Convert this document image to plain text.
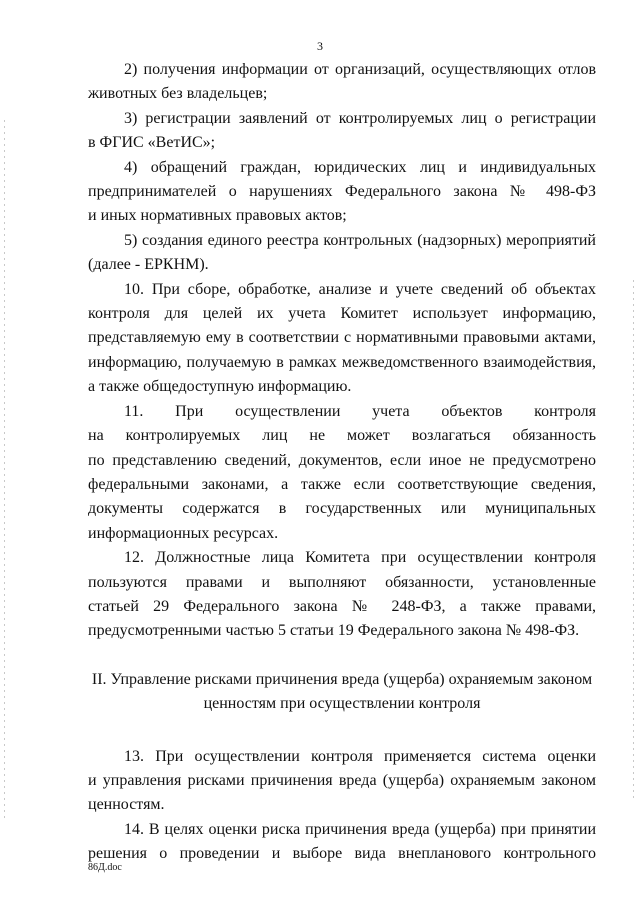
3
2) получения информации от организаций, осуществляющих отлов
животных без владельцев;
3) регистрации заявлений от контролируемых лиц о регистрации
в ФГИС «ВетИС»;
4) обращений граждан, юридических лиц и индивидуальных
предпринимателей о нарушениях Федерального закона № 498-ФЗ
и иных нормативных правовых актов;
5) создания единого реестра контрольных (надзорных) мероприятий
(далее - ЕРКНМ).
10. При сборе, обработке, анализе и учете сведений об объектах
контроля для целей их учета Комитет использует информацию,
представляемую ему в соответствии с нормативными правовыми актами,
информацию, получаемую в рамках межведомственного взаимодействия,
а также общедоступную информацию.
11. При осуществлении учета объектов контроля
на контролируемых лиц не может возлагаться обязанность
по представлению сведений, документов, если иное не предусмотрено
федеральными законами, а также если соответствующие сведения,
документы содержатся в государственных или муниципальных
информационных ресурсах.
12. Должностные лица Комитета при осуществлении контроля
пользуются правами и выполняют обязанности, установленные
статьей 29 Федерального закона № 248-ФЗ, а также правами,
предусмотренными частью 5 статьи 19 Федерального закона № 498-ФЗ.
II. Управление рисками причинения вреда (ущерба) охраняемым законом
ценностям при осуществлении контроля
13. При осуществлении контроля применяется система оценки
и управления рисками причинения вреда (ущерба) охраняемым законом
ценностям.
14. В целях оценки риска причинения вреда (ущерба) при принятии
решения о проведении и выборе вида внепланового контрольного
86Д.doc
